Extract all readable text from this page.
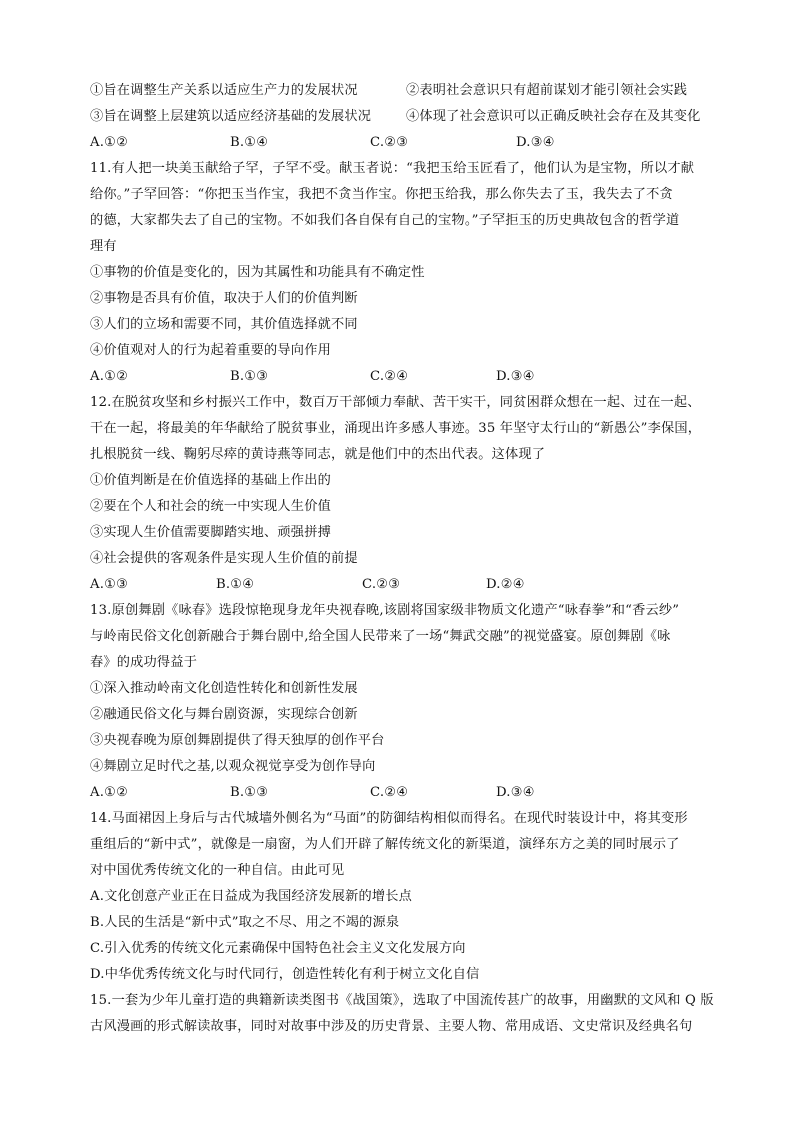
①旨在调整生产关系以适应生产力的发展状况	②表明社会意识只有超前谋划才能引领社会实践
③旨在调整上层建筑以适应经济基础的发展状况	④体现了社会意识可以正确反映社会存在及其变化
A.①②	B.①④	C.②③	D.③④
11.有人把一块美玉献给子罕，子罕不受。献玉者说：“我把玉给玉匠看了，他们认为是宝物，所以才献
给你。”子罕回答：“你把玉当作宝，我把不贪当作宝。你把玉给我，那么你失去了玉，我失去了不贪
的德，大家都失去了自己的宝物。不如我们各自保有自己的宝物。”子罕拒玉的历史典故包含的哲学道
理有
①事物的价值是变化的，因为其属性和功能具有不确定性
②事物是否具有价值，取决于人们的价值判断
③人们的立场和需要不同，其价值选择就不同
④价值观对人的行为起着重要的导向作用
A.①②	B.①③	C.②④	D.③④
12.在脱贫攻坚和乡村振兴工作中，数百万干部倾力奉献、苦干实干，同贫困群众想在一起、过在一起、
干在一起，将最美的年华献给了脱贫事业，涌现出许多感人事迹。35 年坚守太行山的“新愚公”李保国，
扎根脱贫一线、鞠躬尽瘁的黄诗燕等同志，就是他们中的杰出代表。这体现了
①价值判断是在价值选择的基础上作出的
②要在个人和社会的统一中实现人生价值
③实现人生价值需要脚踏实地、顽强拼搏
④社会提供的客观条件是实现人生价值的前提
A.①③	B.①④	C.②③	D.②④
13.原创舞剧《咏春》选段惊艳现身龙年央视春晚,该剧将国家级非物质文化遗产“咏春拳”和“香云纱”
与岭南民俗文化创新融合于舞台剧中,给全国人民带来了一场“舞武交融”的视觉盛宴。原创舞剧《咏
春》的成功得益于
①深入推动岭南文化创造性转化和创新性发展
②融通民俗文化与舞台剧资源，实现综合创新
③央视春晚为原创舞剧提供了得天独厚的创作平台
④舞剧立足时代之基,以观众视觉享受为创作导向
A.①②	B.①③	C.②④	D.③④
14.马面裙因上身后与古代城墙外侧名为“马面”的防御结构相似而得名。在现代时装设计中，将其变形
重组后的“新中式”，就像是一扇窗，为人们开辟了解传统文化的新渠道，演绎东方之美的同时展示了
对中国优秀传统文化的一种自信。由此可见
A.文化创意产业正在日益成为我国经济发展新的增长点
B.人民的生活是“新中式”取之不尽、用之不竭的源泉
C.引入优秀的传统文化元素确保中国特色社会主义文化发展方向
D.中华优秀传统文化与时代同行，创造性转化有利于树立文化自信
15.一套为少年儿童打造的典籍新读类图书《战国策》，选取了中国流传甚广的故事，用幽默的文风和 Q 版
古风漫画的形式解读故事，同时对故事中涉及的历史背景、主要人物、常用成语、文史常识及经典名句
